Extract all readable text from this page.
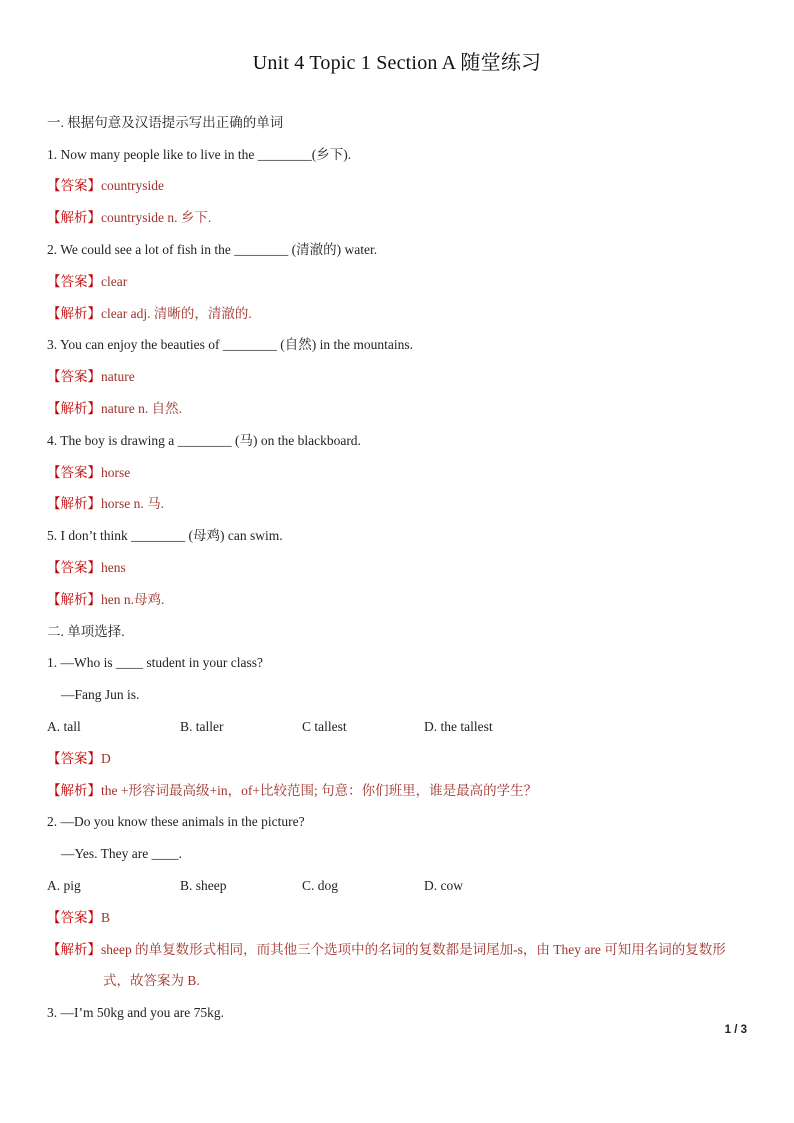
Unit 4 Topic 1 Section A 随堂练习
一. 根据句意及汉语提示写出正确的单词
1. Now many people like to live in the ________(乡下).
【答案】countryside
【解析】countryside n. 乡下.
2. We could see a lot of fish in the ________ (清澈的) water.
【答案】clear
【解析】clear adj. 清晰的，清澈的.
3. You can enjoy the beauties of ________ (自然) in the mountains.
【答案】nature
【解析】nature n. 自然.
4. The boy is drawing a ________ (马) on the blackboard.
【答案】horse
【解析】horse n. 马.
5. I don’t think ________ (母鸡) can swim.
【答案】hens
【解析】hen n.母鸡.
二. 单项选择.
1. —Who is ____ student in your class?
—Fang Jun is.
A. tall	B. taller	C tallest	D. the tallest
【答案】D
【解析】the +形容词最高级+in，of+比较范围; 句意：你们班里，谁是最高的学生？
2. —Do you know these animals in the picture?
—Yes. They are ____.
A. pig	B. sheep	C. dog	D. cow
【答案】B
【解析】sheep 的单复数形式相同，而其他三个选项中的名词的复数都是词尾加-s，由 They are 可知用名词的复数形
式，故答案为 B.
3. —I’m 50kg and you are 75kg.
1 / 3
